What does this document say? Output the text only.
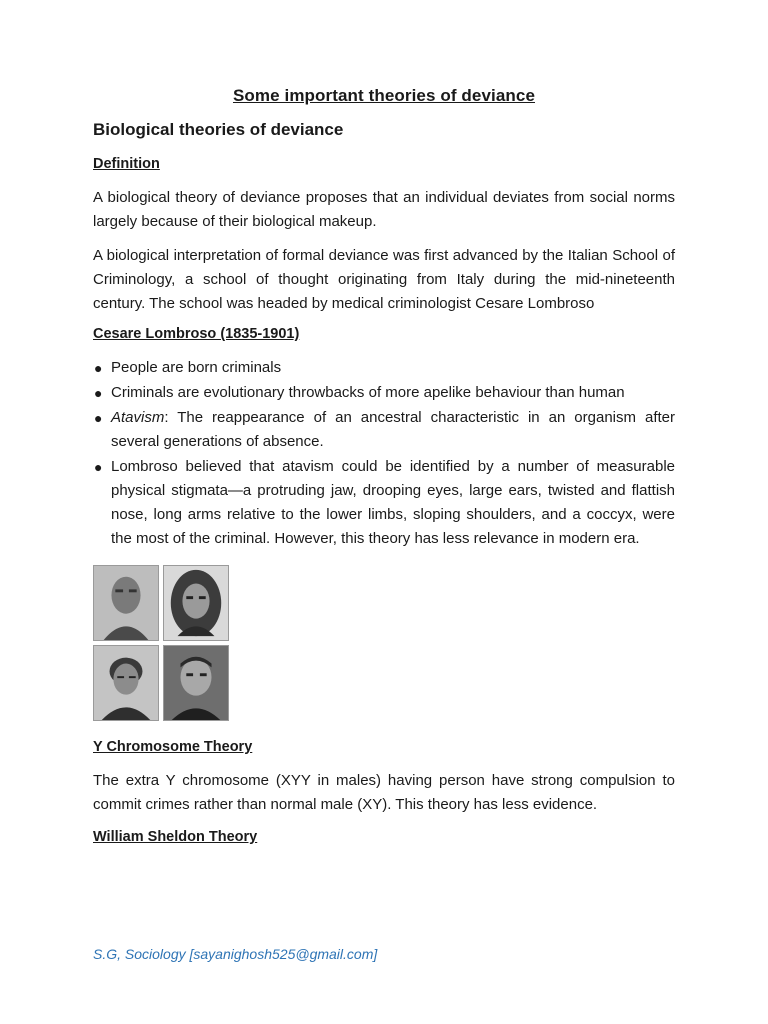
Some important theories of deviance
Biological theories of deviance
Definition
A biological theory of deviance proposes that an individual deviates from social norms largely because of their biological makeup.
A biological interpretation of formal deviance was first advanced by the Italian School of Criminology, a school of thought originating from Italy during the mid-nineteenth century. The school was headed by medical criminologist Cesare Lombroso
Cesare Lombroso (1835-1901)
● People are born criminals
● Criminals are evolutionary throwbacks of more apelike behaviour than human
● Atavism: The reappearance of an ancestral characteristic in an organism after several generations of absence.
● Lombroso believed that atavism could be identified by a number of measurable physical stigmata—a protruding jaw, drooping eyes, large ears, twisted and flattish nose, long arms relative to the lower limbs, sloping shoulders, and a coccyx, were the most of the criminal. However, this theory has less relevance in modern era.
Y Chromosome Theory
The extra Y chromosome (XYY in males) having person have strong compulsion to commit crimes rather than normal male (XY). This theory has less evidence.
William Sheldon Theory
S.G, Sociology [sayanighosh525@gmail.com]
